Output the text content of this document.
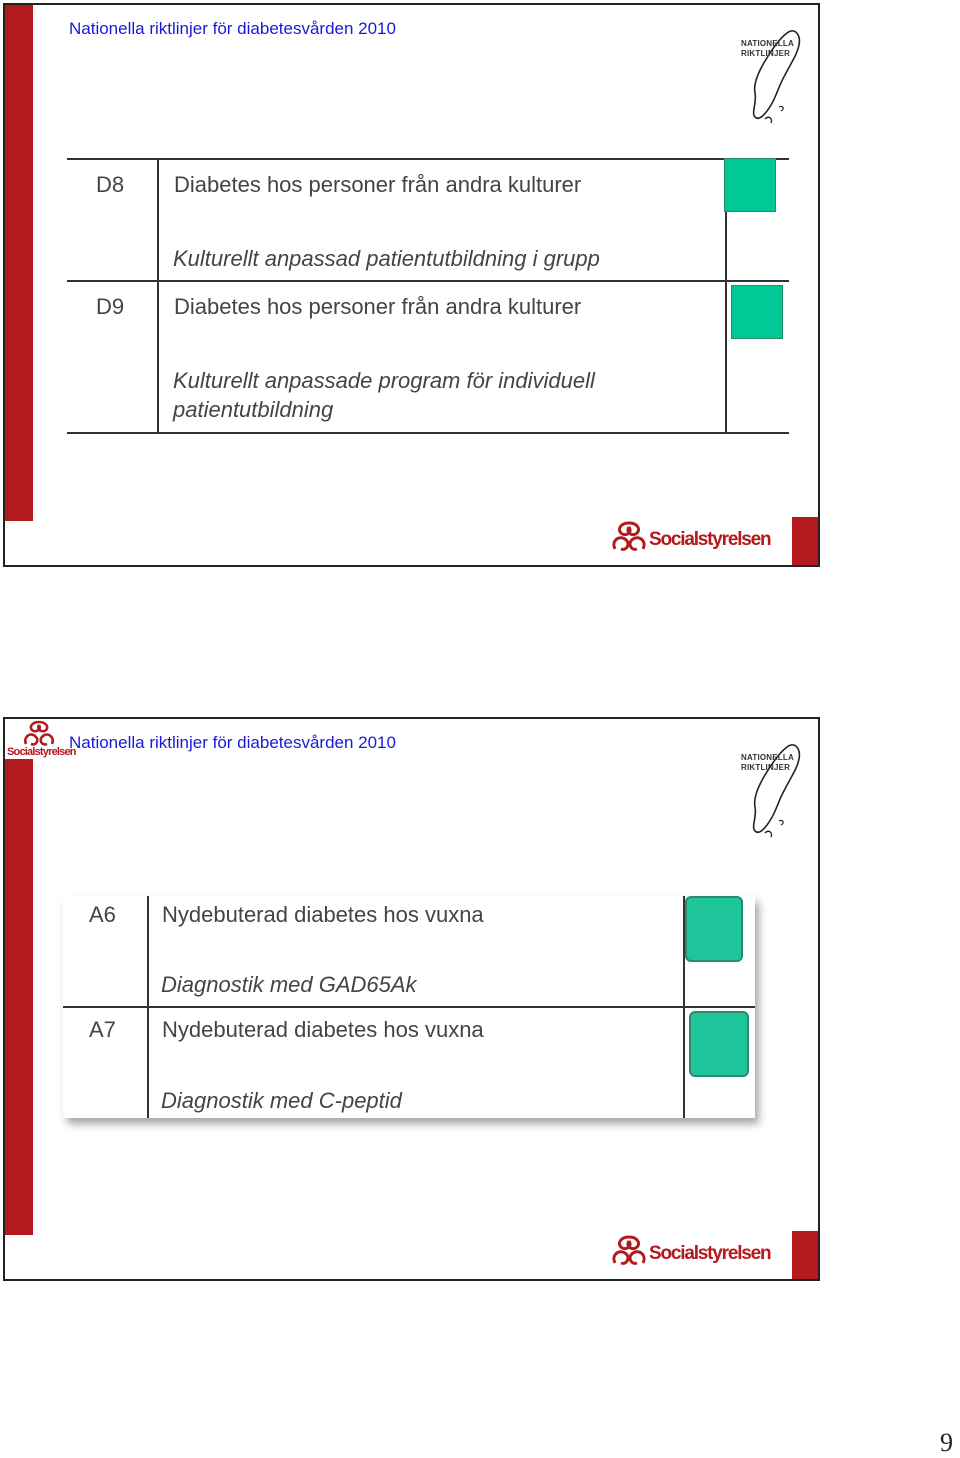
Nationella riktlinjer för diabetesvården 2010
NATIONELLA
RIKTLINJER
D8 Diabetes hos personer från andra kulturer
Kulturellt anpassad patientutbildning i grupp
D9 Diabetes hos personer från andra kulturer
Kulturellt anpassade program för individuell patientutbildning
Socialstyrelsen
Socialstyrelsen
Nationella riktlinjer för diabetesvården 2010
NATIONELLA
RIKTLINJER
A6 Nydebuterad diabetes hos vuxna
Diagnostik med GAD65Ak
A7 Nydebuterad diabetes hos vuxna
Diagnostik med C-peptid
Socialstyrelsen
9
